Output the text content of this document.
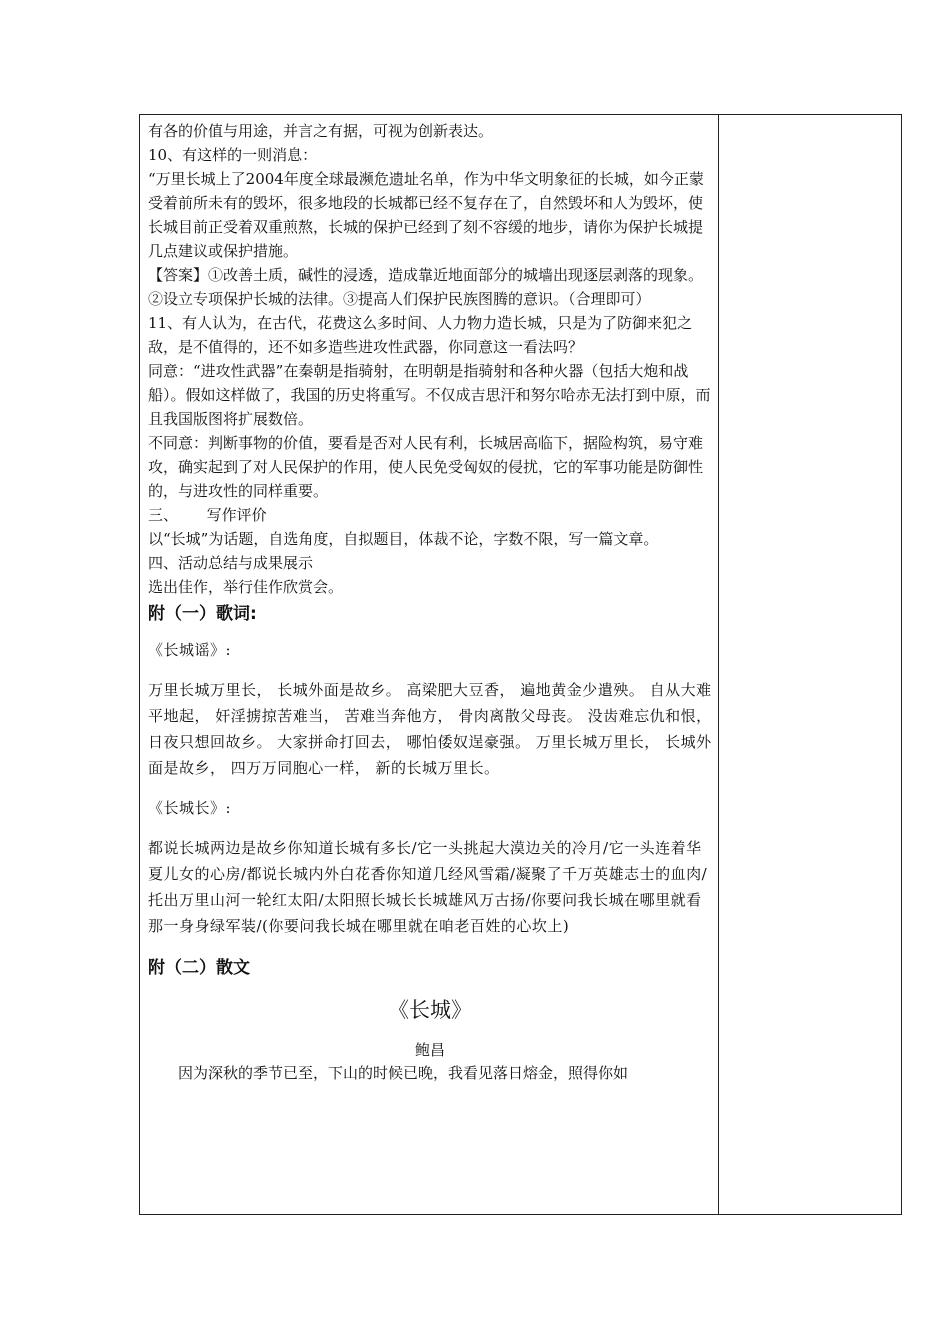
有各的价值与用途，并言之有据，可视为创新表达。

10、有这样的一则消息：

“万里长城上了2004年度全球最濒危遗址名单，作为中华文明象征的长城，如今正蒙受着前所未有的毁坏，很多地段的长城都已经不复存在了，自然毁坏和人为毁坏，使长城目前正受着双重煎熬，长城的保护已经到了刻不容缓的地步，请你为保护长城提几点建议或保护措施。

【答案】①改善土质，碱性的浸透，造成靠近地面部分的城墙出现逐层剥落的现象。②设立专项保护长城的法律。③提高人们保护民族图腾的意识。（合理即可）

11、有人认为，在古代，花费这么多时间、人力物力造长城，只是为了防御来犯之敌，是不值得的，还不如多造些进攻性武器，你同意这一看法吗？

同意：“进攻性武器”在秦朝是指骑射，在明朝是指骑射和各种火器（包括大炮和战船）。假如这样做了，我国的历史将重写。不仅成吉思汗和努尔哈赤无法打到中原，而且我国版图将扩展数倍。

不同意：判断事物的价值，要看是否对人民有利，长城居高临下，据险构筑，易守难攻，确实起到了对人民保护的作用，使人民免受匈奴的侵扰，它的军事功能是防御性的，与进攻性的同样重要。

三、      写作评价

以“长城”为话题，自选角度，自拟题目，体裁不论，字数不限，写一篇文章。

四、活动总结与成果展示

选出佳作，举行佳作欣赏会。

附（一）歌词:

《长城谣》:

万里长城万里长， 长城外面是故乡。 高梁肥大豆香， 遍地黄金少遣殃。 自从大难平地起， 奸淫掳掠苦难当， 苦难当奔他方， 骨肉离散父母丧。 没齿难忘仇和恨， 日夜只想回故乡。 大家拼命打回去， 哪怕倭奴逞豪强。 万里长城万里长， 长城外面是故乡， 四万万同胞心一样， 新的长城万里长。

《长城长》:

都说长城两边是故乡你知道长城有多长/它一头挑起大漠边关的冷月/它一头连着华夏儿女的心房/都说长城内外白花香你知道几经风雪霜/凝聚了千万英雄志士的血肉/托出万里山河一轮红太阳/太阳照长城长长城雄风万古扬/你要问我长城在哪里就看那一身身绿军装/(你要问我长城在哪里就在咱老百姓的心坎上)

附（二）散文

《长城》

鲍昌

因为深秋的季节已至，下山的时候已晚，我看见落日熔金，照得你如
